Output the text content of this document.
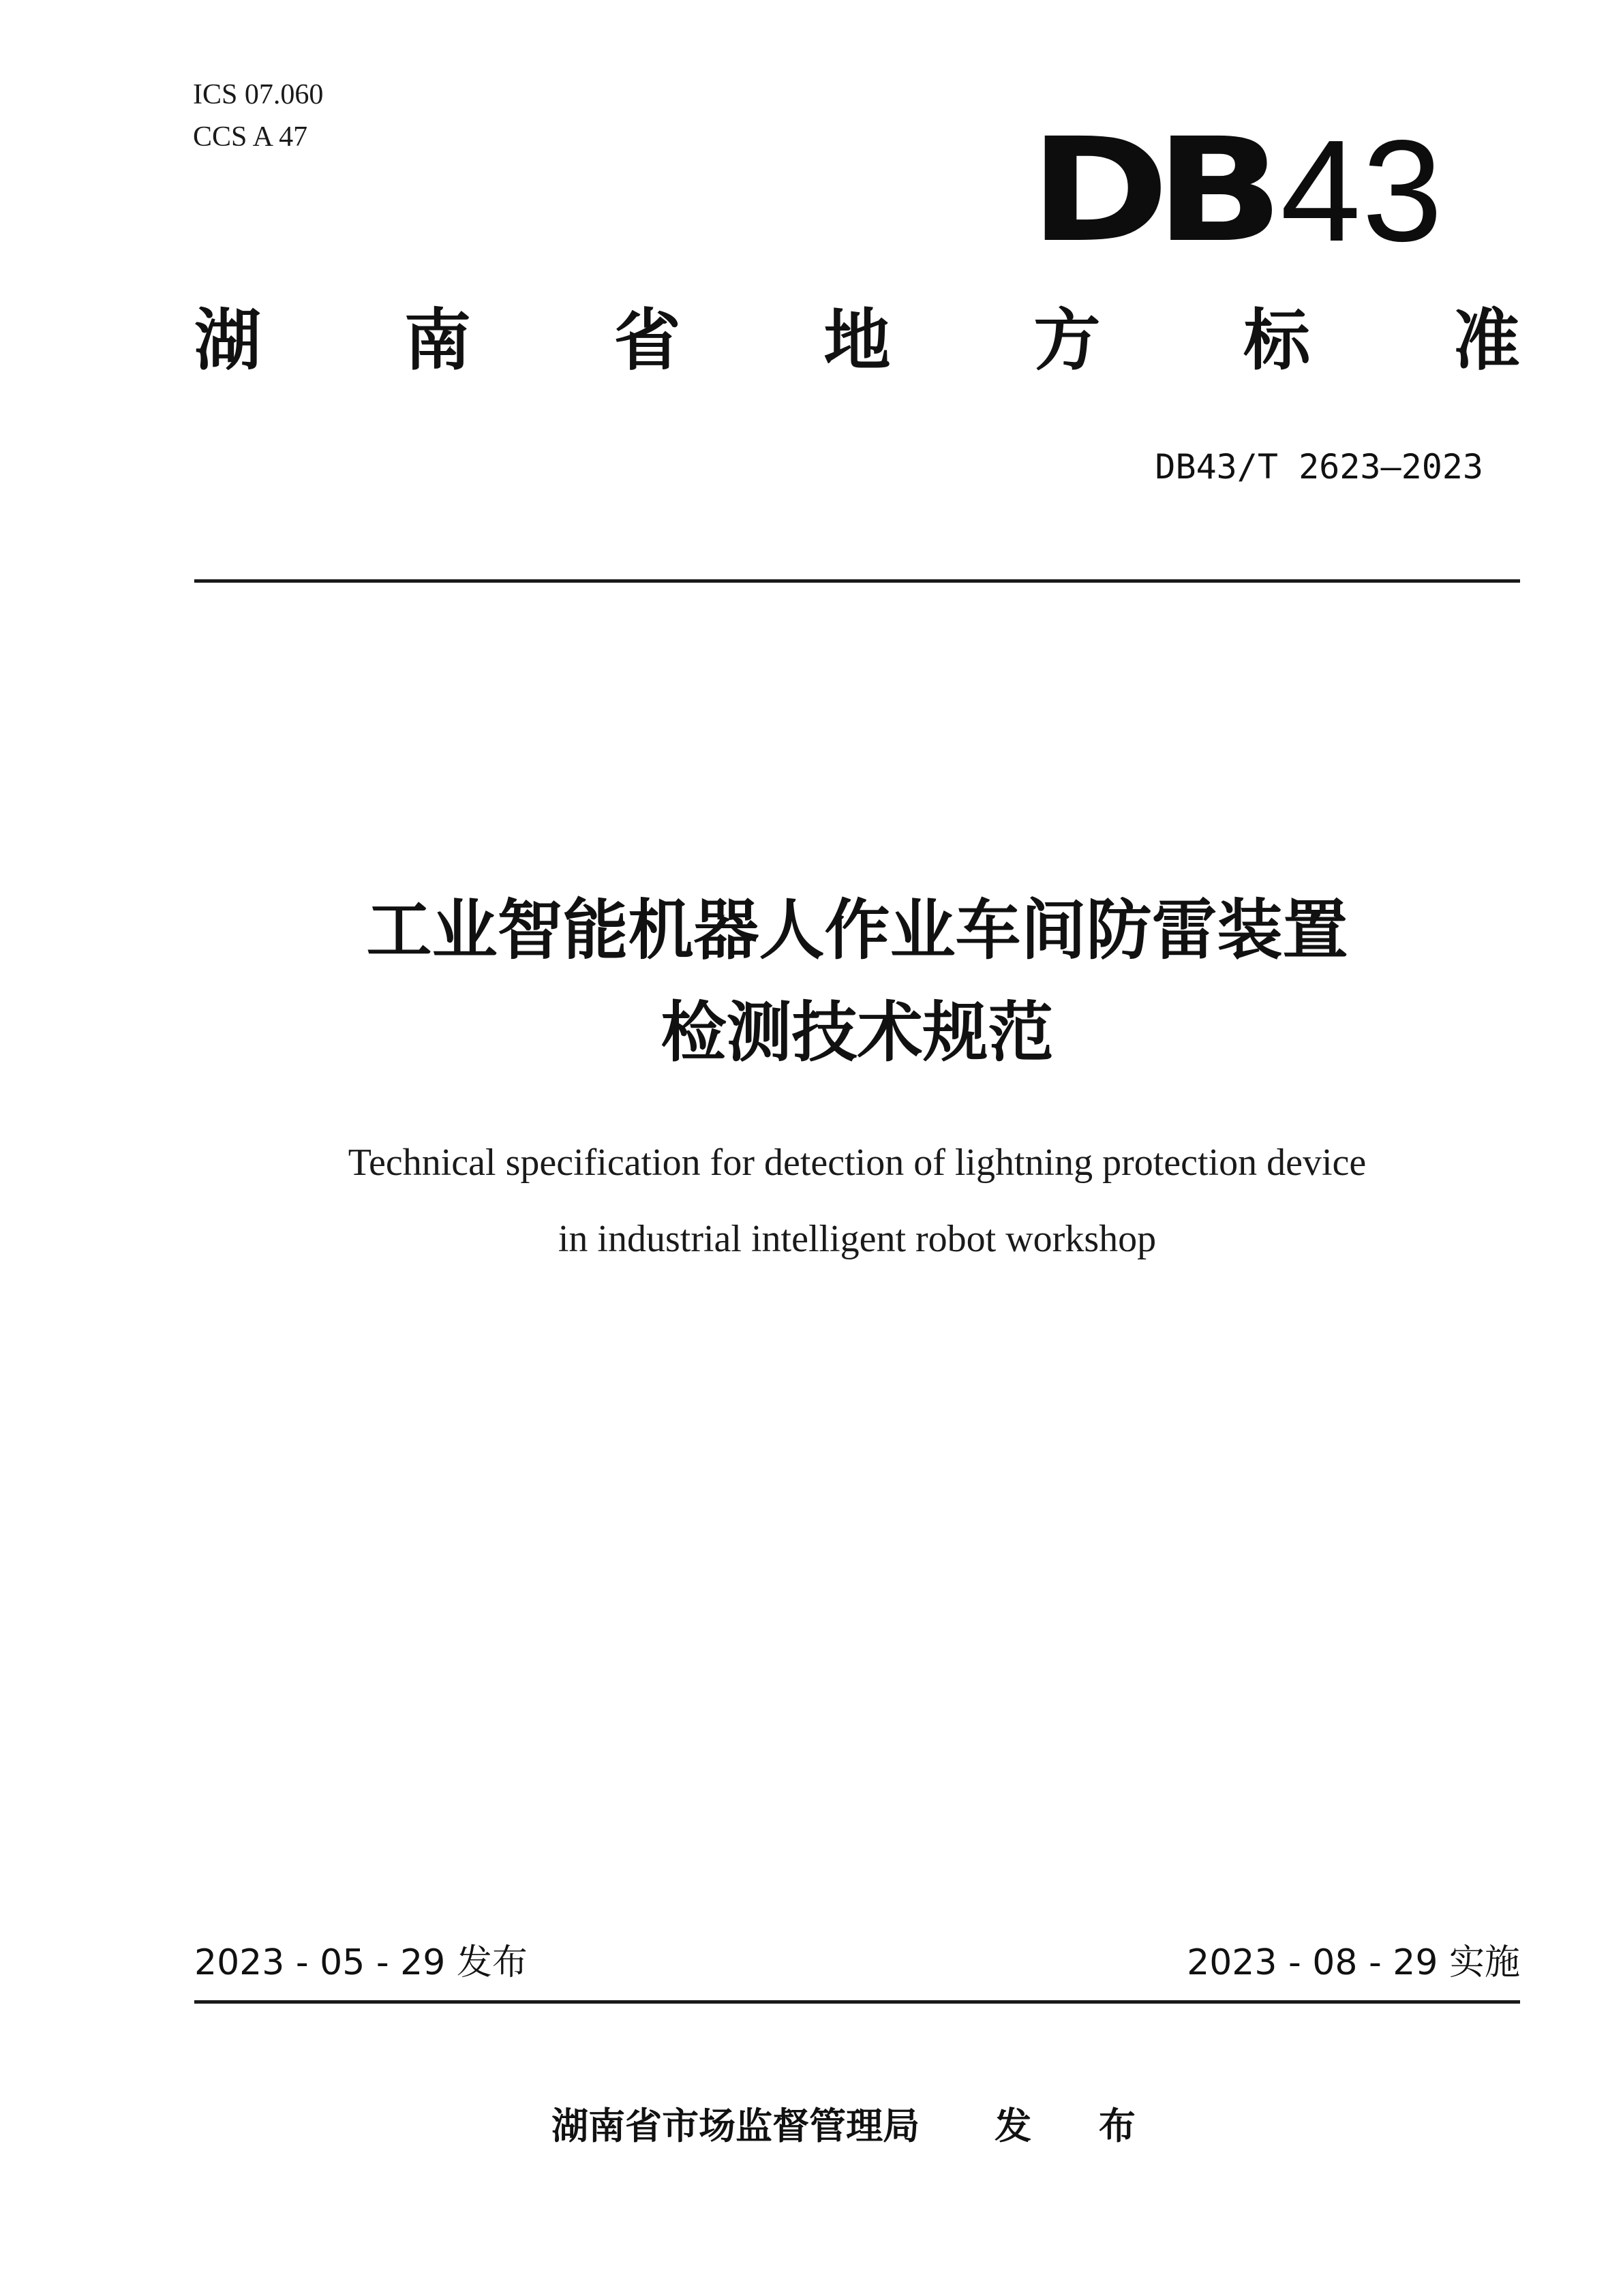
ICS 07.060
CCS A 47	DB 43
湖 南 省 地 方 标 准
DB43/T 2623—2023
工业智能机器人作业车间防雷装置
检测技术规范
Technical specification for detection of lightning protection device
in industrial intelligent robot workshop
2023 - 05 - 29 发布	2023 - 08 - 29 实施
湖南省市场监督管理局 发 布
